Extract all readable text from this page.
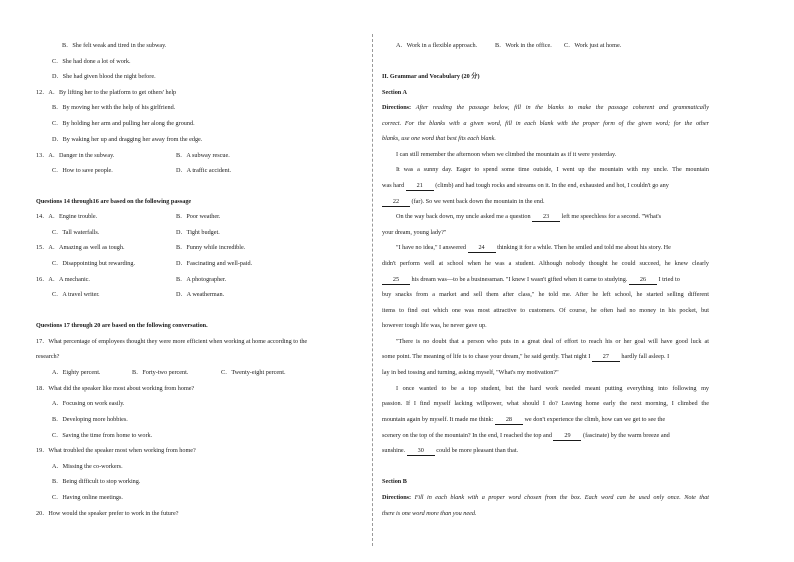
B．She felt weak and tired in the subway.
C．She had done a lot of work.
D．She had given blood the night before.
12．A．By lifting her to the platform to get others' help
B．By moving her with the help of his girlfriend.
C．By holding her arm and pulling her along the ground.
D．By waking her up and dragging her away from the edge.
13．A．Danger in the subway.	B．A subway rescue.
C．How to save people.	D．A traffic accident.
Questions 14 through16 are based on the following passage
14．A．Engine trouble.	B．Poor weather.
C．Tall waterfalls.	D．Tight budget.
15．A．Amazing as well as tough.	B．Funny while incredible.
C．Disappointing but rewarding.	D．Fascinating and well-paid.
16．A．A mechanic.	B．A photographer.
C．A travel writer.	D．A weatherman.
Questions 17 through 20 are based on the following conversation.
17．What percentage of employees thought they were more efficient when working at home according to the
research?
A．Eighty percent.	B．Forty-two percent.	C．Twenty-eight percent.
18．What did the speaker like most about working from home?
A．Focusing on work easily.
B．Developing more hobbies.
C．Saving the time from home to work.
19．What troubled the speaker most when working from home?
A．Missing the co-workers.
B．Being difficult to stop working.
C．Having online meetings.
20．How would the speaker prefer to work in the future?
A．Work in a flexible approach.	B．Work in the office. C．Work just at home.
II. Grammar and Vocabulary (20 分)
Section A
Directions: After reading the passage below, fill in the blanks to make the passage coherent and grammatically
correct. For the blanks with a given word, fill in each blank with the proper form of the given word; for the other
blanks, use one word that best fits each blank.
I can still remember the afternoon when we climbed the mountain as if it were yesterday.
It was a sunny day. Eager to spend some time outside, I went up the mountain with my uncle. The mountain
was hard 21 (climb) and had tough rocks and streams on it. In the end, exhausted and hot, I couldn't go any
22 (far). So we went back down the mountain in the end.
On the way back down, my uncle asked me a question 23 left me speechless for a second. "What's
your dream, young lady?"
"I have no idea," I answered 24 thinking it for a while. Then he smiled and told me about his story. He
didn't perform well at school when he was a student. Although nobody thought he could succeed, he knew clearly
25 his dream was—to be a businessman. "I knew I wasn't gifted when it came to studying. 26 I tried to
buy snacks from a market and sell them after class," he told me. After he left school, he started selling different
items to find out which one was most attractive to customers. Of course, he often had no money in his pocket, but
however tough life was, he never gave up.
"There is no doubt that a person who puts in a great deal of effort to reach his or her goal will have good luck at
some point. The meaning of life is to chase your dream," he said gently. That night I 27 hardly fall asleep. I
lay in bed tossing and turning, asking myself, "What's my motivation?"
I once wanted to be a top student, but the hard work needed meant putting everything into following my
passion. If I find myself lacking willpower, what should I do? Leaving home early the next morning, I climbed the
mountain again by myself. It made me think: 28 we don't experience the climb, how can we get to see the
scenery on the top of the mountain? In the end, I reached the top and 29 (fascinate) by the warm breeze and
sunshine. 30 could be more pleasant than that.
Section B
Directions: Fill in each blank with a proper word chosen from the box. Each word can be used only once. Note that
there is one word more than you need.
